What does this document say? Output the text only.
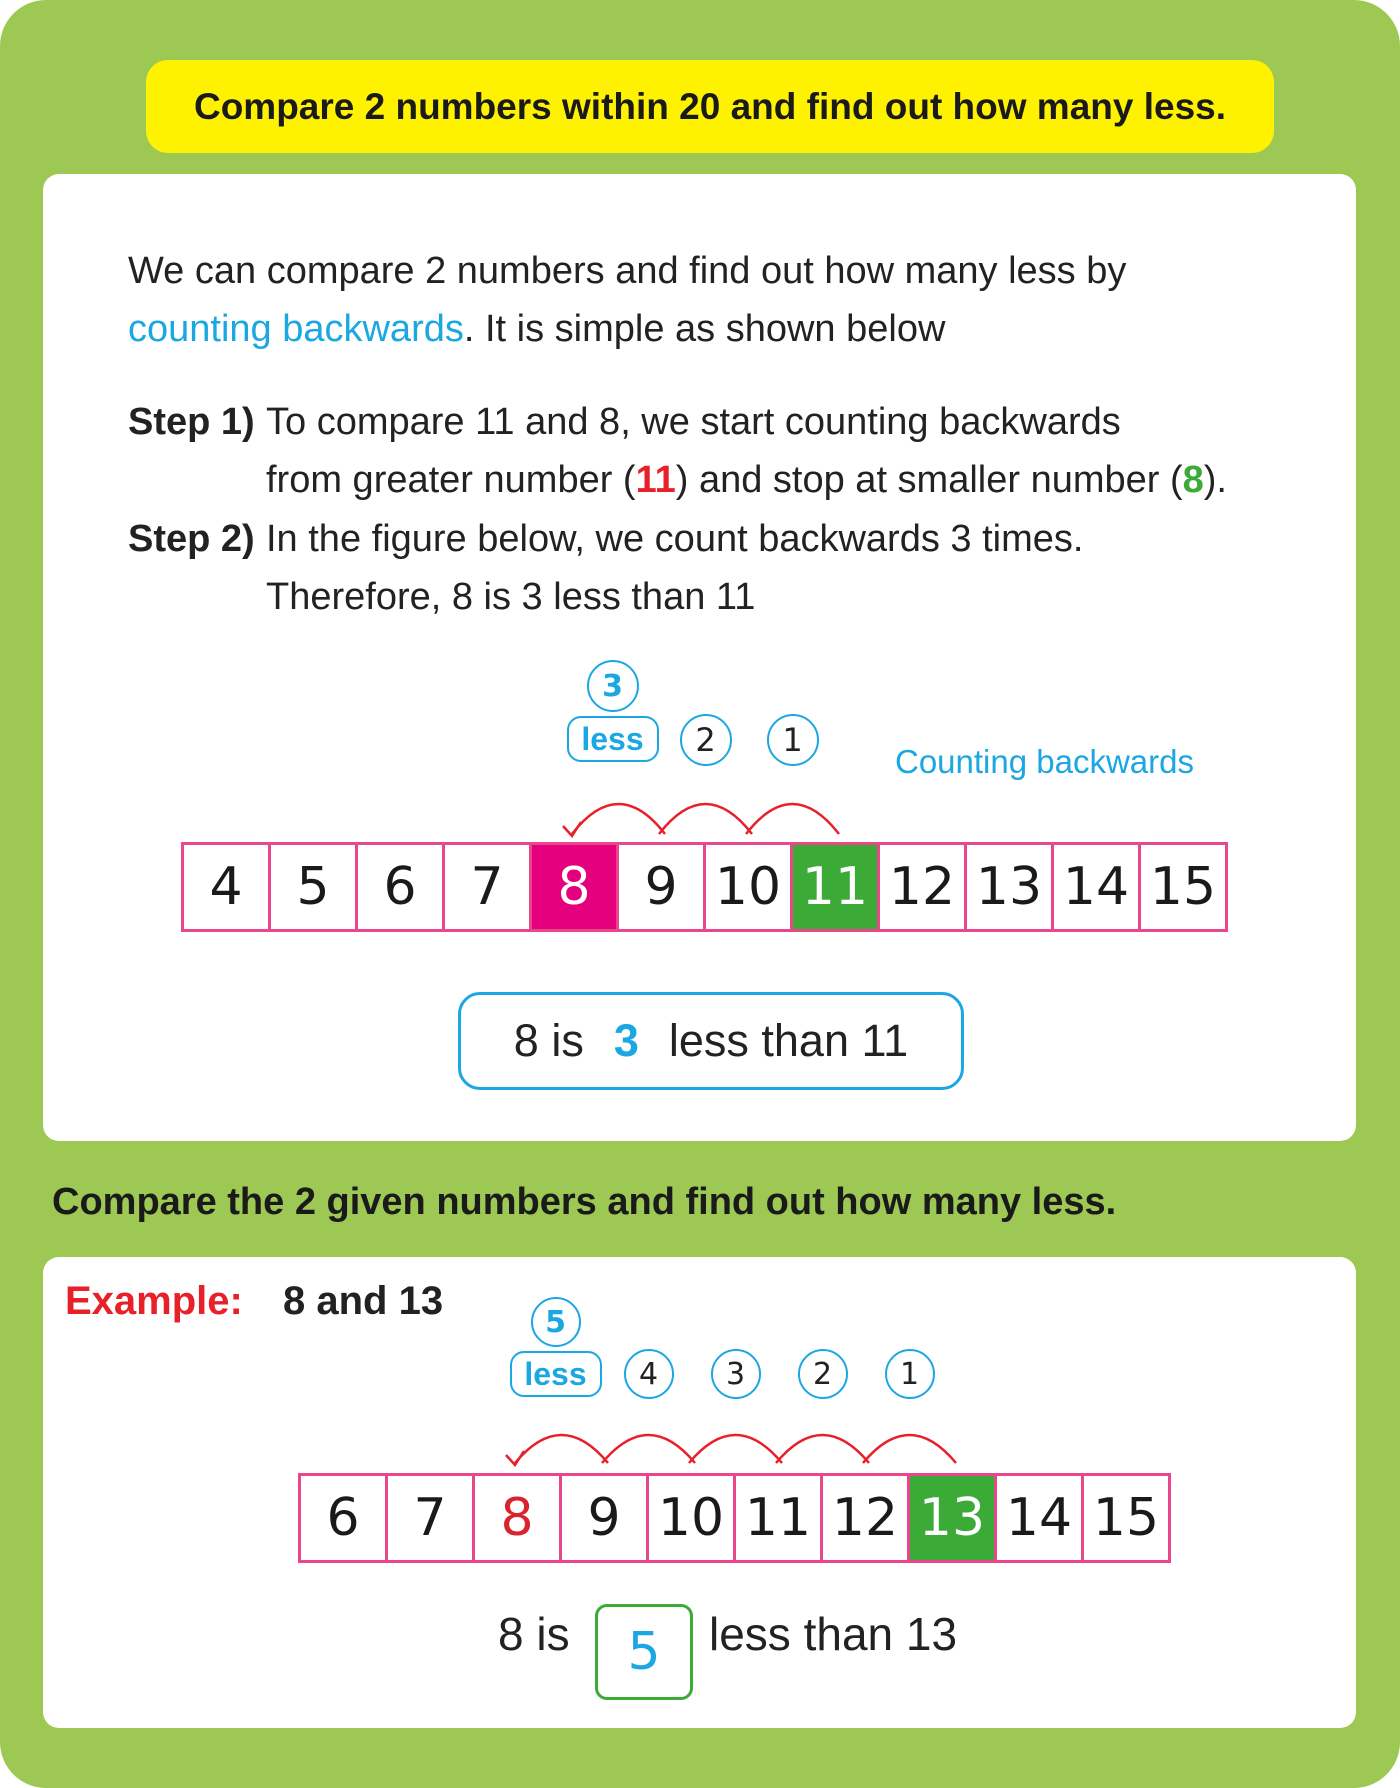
Compare 2 numbers within 20 and find out how many less.
We can compare 2 numbers and find out how many less by
counting backwards. It is simple as shown below
Step 1) To compare 11 and 8, we start counting backwards
from greater number (11) and stop at smaller number (8).
Step 2) In the figure below, we count backwards 3 times.
Therefore, 8 is 3 less than 11
Counting backwards
3
less	1
2
4	5	6	7	8	9 10 11 12 13 14 15
8 is 3 less than 11
Compare the 2 given numbers and find out how many less.
Example: 8 and 13	5
less	1
2
3
4
6	7	8	9 10 11 12 13 14 15
8 is	5	less than 13
